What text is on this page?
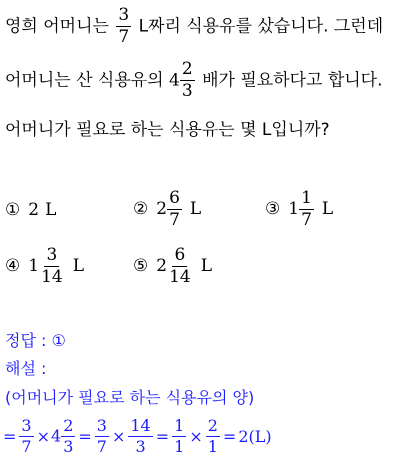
영희 어머니는 $\frac{3}{7}$ L짜리 식용유를 샀습니다. 그런데
어머니는 산 식용유의 $4 \frac{2}{3}$ 배가 필요하다고 합니다.
어머니가 필요로 하는 식용유는 몇 L입니까?
① 2 L	② $2 \frac{6}{7}$ L	③ $1 \frac{1}{7}$ L
④ $1 \frac{3}{14}$ L	⑤ $2 \frac{6}{14}$ L
정답 : ①
해설 :
(어머니가 필요로 하는 식용유의 양)
= $\frac{3}{7} \times 4 \frac{2}{3} = \frac{3}{7} \times \frac{14}{3} = \frac{1}{1} \times \frac{2}{1} = 2(L)$
